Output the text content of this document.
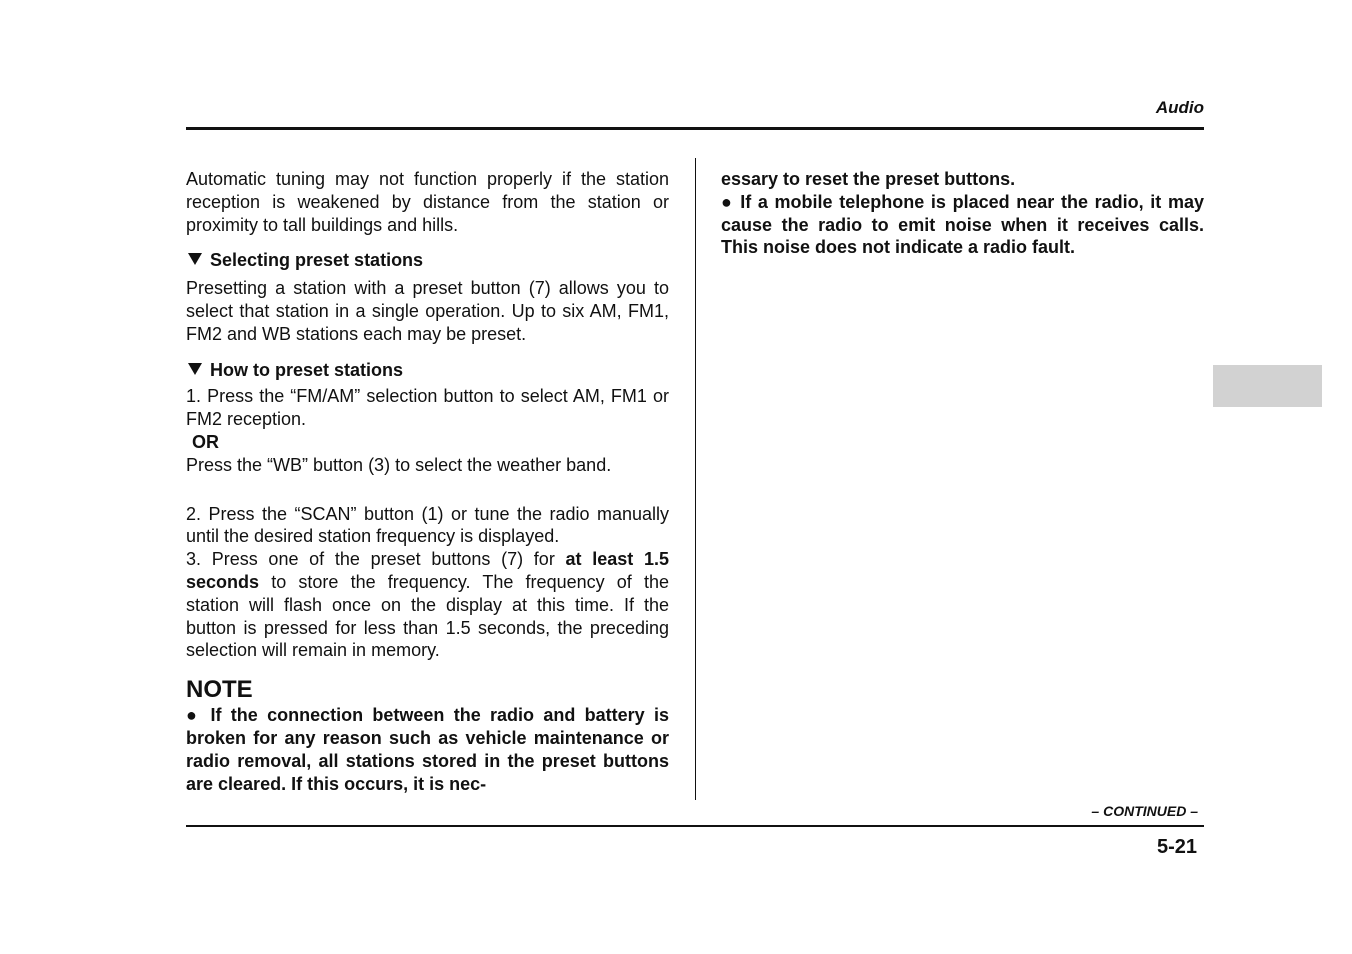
Audio

Automatic tuning may not function properly if the station reception is weakened by distance from the station or proximity to tall buildings and hills.

Selecting preset stations

Presetting a station with a preset button (7) allows you to select that station in a single operation. Up to six AM, FM1, FM2 and WB stations each may be preset.

How to preset stations

1. Press the “FM/AM” selection button to select AM, FM1 or FM2 reception.

OR

Press the “WB” button (3) to select the weather band.

2. Press the “SCAN” button (1) or tune the radio manually until the desired station frequency is displayed.

3. Press one of the preset buttons (7) for at least 1.5 seconds to store the frequency. The frequency of the station will flash once on the display at this time. If the button is pressed for less than 1.5 seconds, the preceding selection will remain in memory.

NOTE

● If the connection between the radio and battery is broken for any reason such as vehicle maintenance or radio removal, all stations stored in the preset buttons are cleared. If this occurs, it is nec-

essary to reset the preset buttons.

● If a mobile telephone is placed near the radio, it may cause the radio to emit noise when it receives calls. This noise does not indicate a radio fault.

– CONTINUED –
5-21
